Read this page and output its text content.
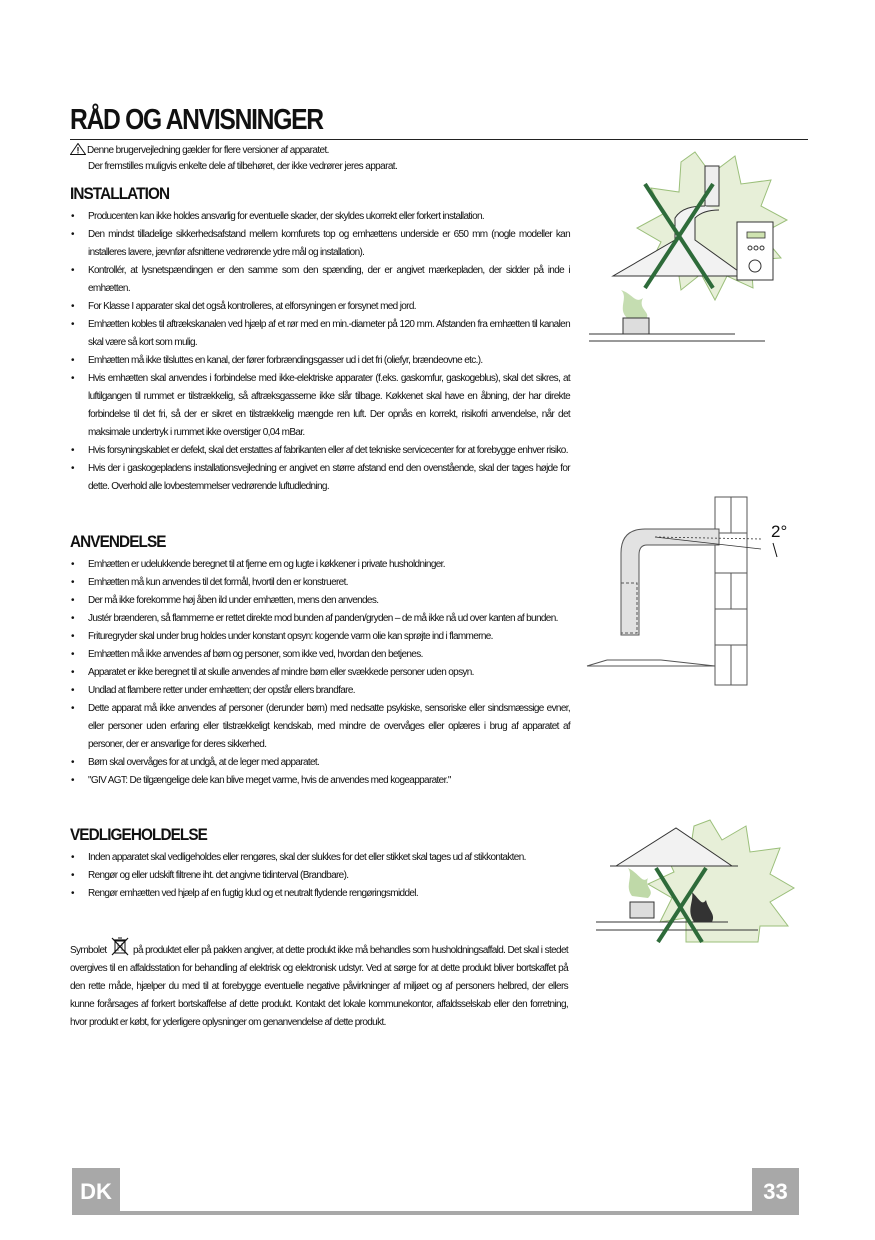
RÅD OG ANVISNINGER
Denne brugervejledning gælder for flere versioner af apparatet.
Der fremstilles muligvis enkelte dele af tilbehøret, der ikke vedrører jeres apparat.
INSTALLATION
• Producenten kan ikke holdes ansvarlig for eventuelle skader, der skyldes ukorrekt eller forkert installation.
• Den mindst tilladelige sikkerhedsafstand mellem komfurets top og emhættens underside er 650 mm (nogle modeller kan installeres lavere, jævnfør afsnittene vedrørende ydre mål og installation).
• Kontrollér, at lysnetspændingen er den samme som den spænding, der er angivet mærkepladen, der sidder på inde i emhætten.
• For Klasse I apparater skal det også kontrolleres, at elforsyningen er forsynet med jord.
• Emhætten kobles til aftrækskanalen ved hjælp af et rør med en min.-diameter på 120 mm. Afstanden fra emhætten til kanalen skal være så kort som mulig.
• Emhætten må ikke tilsluttes en kanal, der fører forbrændingsgasser ud i det fri (oliefyr, brændeovne etc.).
• Hvis emhætten skal anvendes i forbindelse med ikke-elektriske apparater (f.eks. gaskomfur, gaskogeblus), skal det sikres, at luftilgangen til rummet er tilstrækkelig, så aftræksgasserne ikke slår tilbage. Køkkenet skal have en åbning, der har direkte forbindelse til det fri, så der er sikret en tilstrækkelig mængde ren luft. Der opnås en korrekt, risikofri anvendelse, når det maksimale undertryk i rummet ikke overstiger 0,04 mBar.
• Hvis forsyningskablet er defekt, skal det erstattes af fabrikanten eller af det tekniske servicecenter for at forebygge enhver risiko.
• Hvis der i gaskogepladens installationsvejledning er angivet en større afstand end den ovenstående, skal der tages højde for dette. Overhold alle lovbestemmelser vedrørende luftudledning.
ANVENDELSE
• Emhætten er udelukkende beregnet til at fjerne em og lugte i køkkener i private husholdninger.
• Emhætten må kun anvendes til det formål, hvortil den er konstrueret.
• Der må ikke forekomme høj åben ild under emhætten, mens den anvendes.
• Justér brænderen, så flammerne er rettet direkte mod bunden af panden/gryden – de må ikke nå ud over kanten af bunden.
• Frituregryder skal under brug holdes under konstant opsyn: kogende varm olie kan sprøjte ind i flammerne.
• Emhætten må ikke anvendes af børn og personer, som ikke ved, hvordan den betjenes.
• Apparatet er ikke beregnet til at skulle anvendes af mindre børn eller svækkede personer uden opsyn.
• Undlad at flambere retter under emhætten; der opstår ellers brandfare.
• Dette apparat må ikke anvendes af personer (derunder børn) med nedsatte psykiske, sensoriske eller sindsmæssige evner, eller personer uden erfaring eller tilstrækkeligt kendskab, med mindre de overvåges eller oplæres i brug af apparatet af personer, der er ansvarlige for deres sikkerhed.
• Børn skal overvåges for at undgå, at de leger med apparatet.
• "GIV AGT: De tilgængelige dele kan blive meget varme, hvis de anvendes med kogeapparater."
VEDLIGEHOLDELSE
• Inden apparatet skal vedligeholdes eller rengøres, skal der slukkes for det eller stikket skal tages ud af stikkontakten.
• Rengør og eller udskift filtrene iht. det angivne tidinterval (Brandbare).
• Rengør emhætten ved hjælp af en fugtig klud og et neutralt flydende rengøringsmiddel.
Symbolet	på produktet eller på pakken angiver, at dette produkt ikke må behandles som husholdningsaffald. Det skal i stedet overgives til en affaldsstation for behandling af elektrisk og elektronisk udstyr. Ved at sørge for at dette produkt bliver bortskaffet på den rette måde, hjælper du med til at forebygge eventuelle negative påvirkninger af miljøet og af personers helbred, der ellers kunne forårsages af forkert bortskaffelse af dette produkt. Kontakt det lokale kommunekontor, affaldsselskab eller den forretning, hvor produkt er købt, for yderligere oplysninger om genanvendelse af dette produkt.
2°
DK	33
